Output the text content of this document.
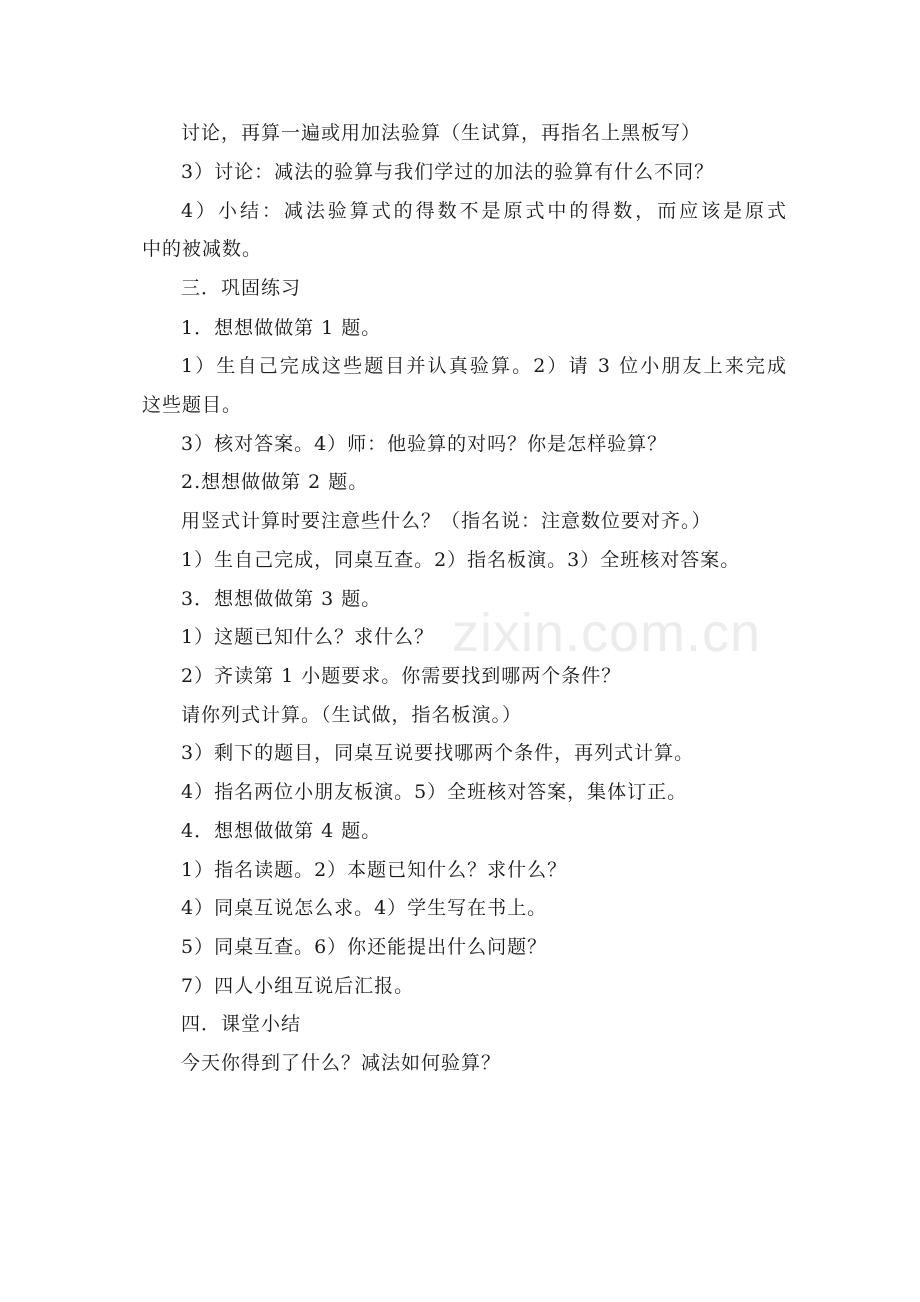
zixin.com.cn
讨论，再算一遍或用加法验算（生试算，再指名上黑板写）
3）讨论：减法的验算与我们学过的加法的验算有什么不同？
4）小结：减法验算式的得数不是原式中的得数，而应该是原式
中的被减数。
三．巩固练习
1．想想做做第 1 题。
1）生自己完成这些题目并认真验算。2）请 3 位小朋友上来完成
这些题目。
3）核对答案。4）师：他验算的对吗？你是怎样验算？
2.想想做做第 2 题。
用竖式计算时要注意些什么？（指名说：注意数位要对齐。）
1）生自己完成，同桌互查。2）指名板演。3）全班核对答案。
3．想想做做第 3 题。
1）这题已知什么？求什么？
2）齐读第 1 小题要求。你需要找到哪两个条件？
请你列式计算。（生试做，指名板演。）
3）剩下的题目，同桌互说要找哪两个条件，再列式计算。
4）指名两位小朋友板演。5）全班核对答案，集体订正。
4．想想做做第 4 题。
1）指名读题。2）本题已知什么？求什么？
4）同桌互说怎么求。4）学生写在书上。
5）同桌互查。6）你还能提出什么问题？
7）四人小组互说后汇报。
四．课堂小结
今天你得到了什么？减法如何验算？
